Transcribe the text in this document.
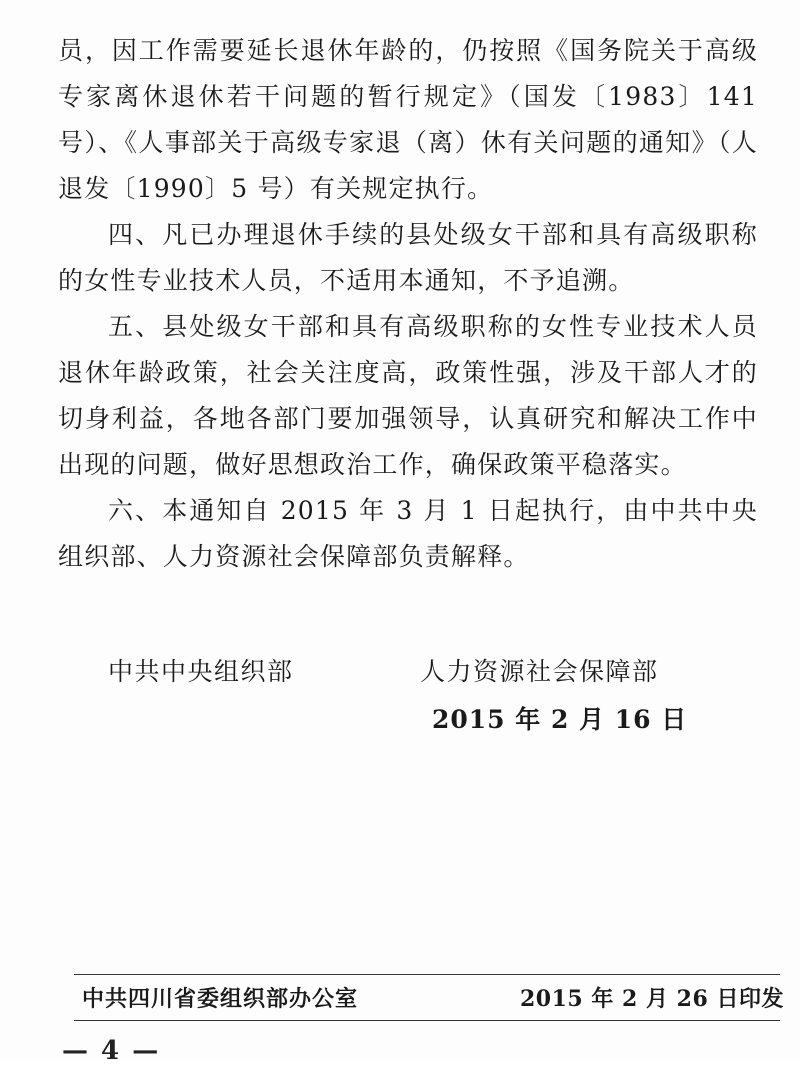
员，因工作需要延长退休年龄的，仍按照《国务院关于高级专家离休退休若干问题的暂行规定》（国发〔1983〕141 号）、《人事部关于高级专家退（离）休有关问题的通知》（人退发〔1990〕5 号）有关规定执行。

四、凡已办理退休手续的县处级女干部和具有高级职称的女性专业技术人员，不适用本通知，不予追溯。

五、县处级女干部和具有高级职称的女性专业技术人员退休年龄政策，社会关注度高，政策性强，涉及干部人才的切身利益，各地各部门要加强领导，认真研究和解决工作中出现的问题，做好思想政治工作，确保政策平稳落实。

六、本通知自 2015 年 3 月 1 日起执行，由中共中央组织部、人力资源社会保障部负责解释。

中共中央组织部	人力资源社会保障部
2015 年 2 月 16 日
中共四川省委组织部办公室	2015 年 2 月 26 日印发
— 4 —
